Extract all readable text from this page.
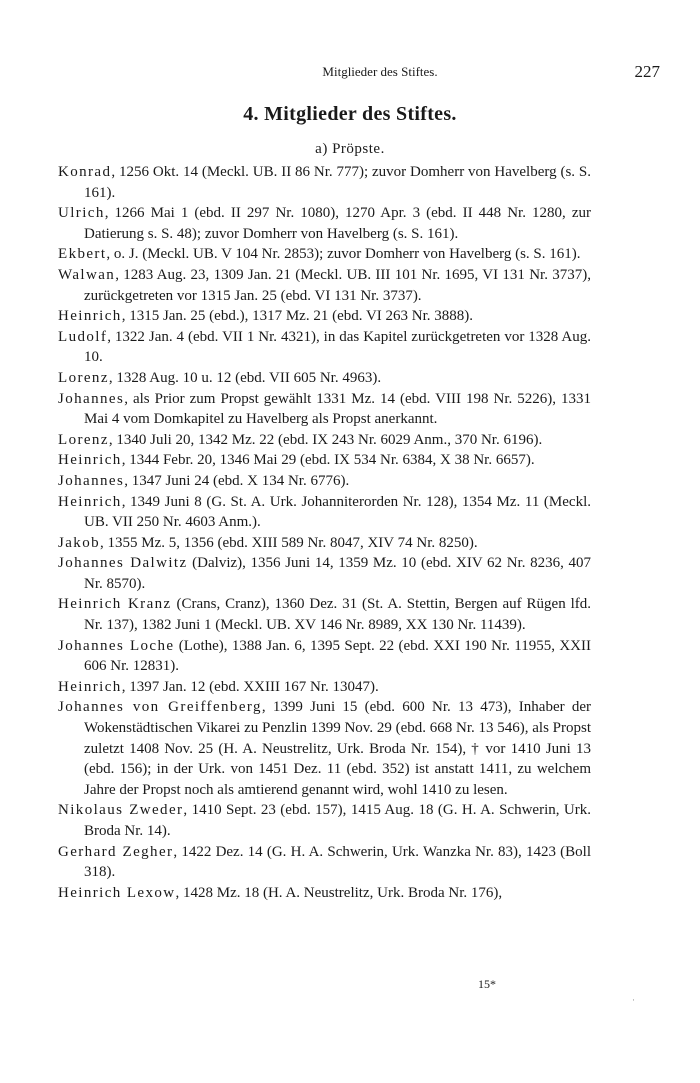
Mitglieder des Stiftes.	227
4. Mitglieder des Stiftes.
a) Pröpste.

Konrad, 1256 Okt. 14 (Meckl. UB. II 86 Nr. 777); zuvor Domherr von Havelberg (s. S. 161).

Ulrich, 1266 Mai 1 (ebd. II 297 Nr. 1080), 1270 Apr. 3 (ebd. II 448 Nr. 1280, zur Datierung s. S. 48); zuvor Domherr von Havelberg (s. S. 161).

Ekbert, o. J. (Meckl. UB. V 104 Nr. 2853); zuvor Domherr von Havelberg (s. S. 161).

Walwan, 1283 Aug. 23, 1309 Jan. 21 (Meckl. UB. III 101 Nr. 1695, VI 131 Nr. 3737), zurückgetreten vor 1315 Jan. 25 (ebd. VI 131 Nr. 3737).

Heinrich, 1315 Jan. 25 (ebd.), 1317 Mz. 21 (ebd. VI 263 Nr. 3888).

Ludolf, 1322 Jan. 4 (ebd. VII 1 Nr. 4321), in das Kapitel zurückgetreten vor 1328 Aug. 10.

Lorenz, 1328 Aug. 10 u. 12 (ebd. VII 605 Nr. 4963).

Johannes, als Prior zum Propst gewählt 1331 Mz. 14 (ebd. VIII 198 Nr. 5226), 1331 Mai 4 vom Domkapitel zu Havelberg als Propst anerkannt.

Lorenz, 1340 Juli 20, 1342 Mz. 22 (ebd. IX 243 Nr. 6029 Anm., 370 Nr. 6196).

Heinrich, 1344 Febr. 20, 1346 Mai 29 (ebd. IX 534 Nr. 6384, X 38 Nr. 6657).

Johannes, 1347 Juni 24 (ebd. X 134 Nr. 6776).

Heinrich, 1349 Juni 8 (G. St. A. Urk. Johanniterorden Nr. 128), 1354 Mz. 11 (Meckl. UB. VII 250 Nr. 4603 Anm.).

Jakob, 1355 Mz. 5, 1356 (ebd. XIII 589 Nr. 8047, XIV 74 Nr. 8250).

Johannes Dalwitz (Dalviz), 1356 Juni 14, 1359 Mz. 10 (ebd. XIV 62 Nr. 8236, 407 Nr. 8570).

Heinrich Kranz (Crans, Cranz), 1360 Dez. 31 (St. A. Stettin, Bergen auf Rügen lfd. Nr. 137), 1382 Juni 1 (Meckl. UB. XV 146 Nr. 8989, XX 130 Nr. 11439).

Johannes Loche (Lothe), 1388 Jan. 6, 1395 Sept. 22 (ebd. XXI 190 Nr. 11955, XXII 606 Nr. 12831).

Heinrich, 1397 Jan. 12 (ebd. XXIII 167 Nr. 13047).

Johannes von Greiffenberg, 1399 Juni 15 (ebd. 600 Nr. 13 473), Inhaber der Wokenstädtischen Vikarei zu Penzlin 1399 Nov. 29 (ebd. 668 Nr. 13 546), als Propst zuletzt 1408 Nov. 25 (H. A. Neustrelitz, Urk. Broda Nr. 154), † vor 1410 Juni 13 (ebd. 156); in der Urk. von 1451 Dez. 11 (ebd. 352) ist anstatt 1411, zu welchem Jahre der Propst noch als amtierend genannt wird, wohl 1410 zu lesen.

Nikolaus Zweder, 1410 Sept. 23 (ebd. 157), 1415 Aug. 18 (G. H. A. Schwerin, Urk. Broda Nr. 14).

Gerhard Zegher, 1422 Dez. 14 (G. H. A. Schwerin, Urk. Wanzka Nr. 83), 1423 (Boll 318).

Heinrich Lexow, 1428 Mz. 18 (H. A. Neustrelitz, Urk. Broda Nr. 176),

15*
·
